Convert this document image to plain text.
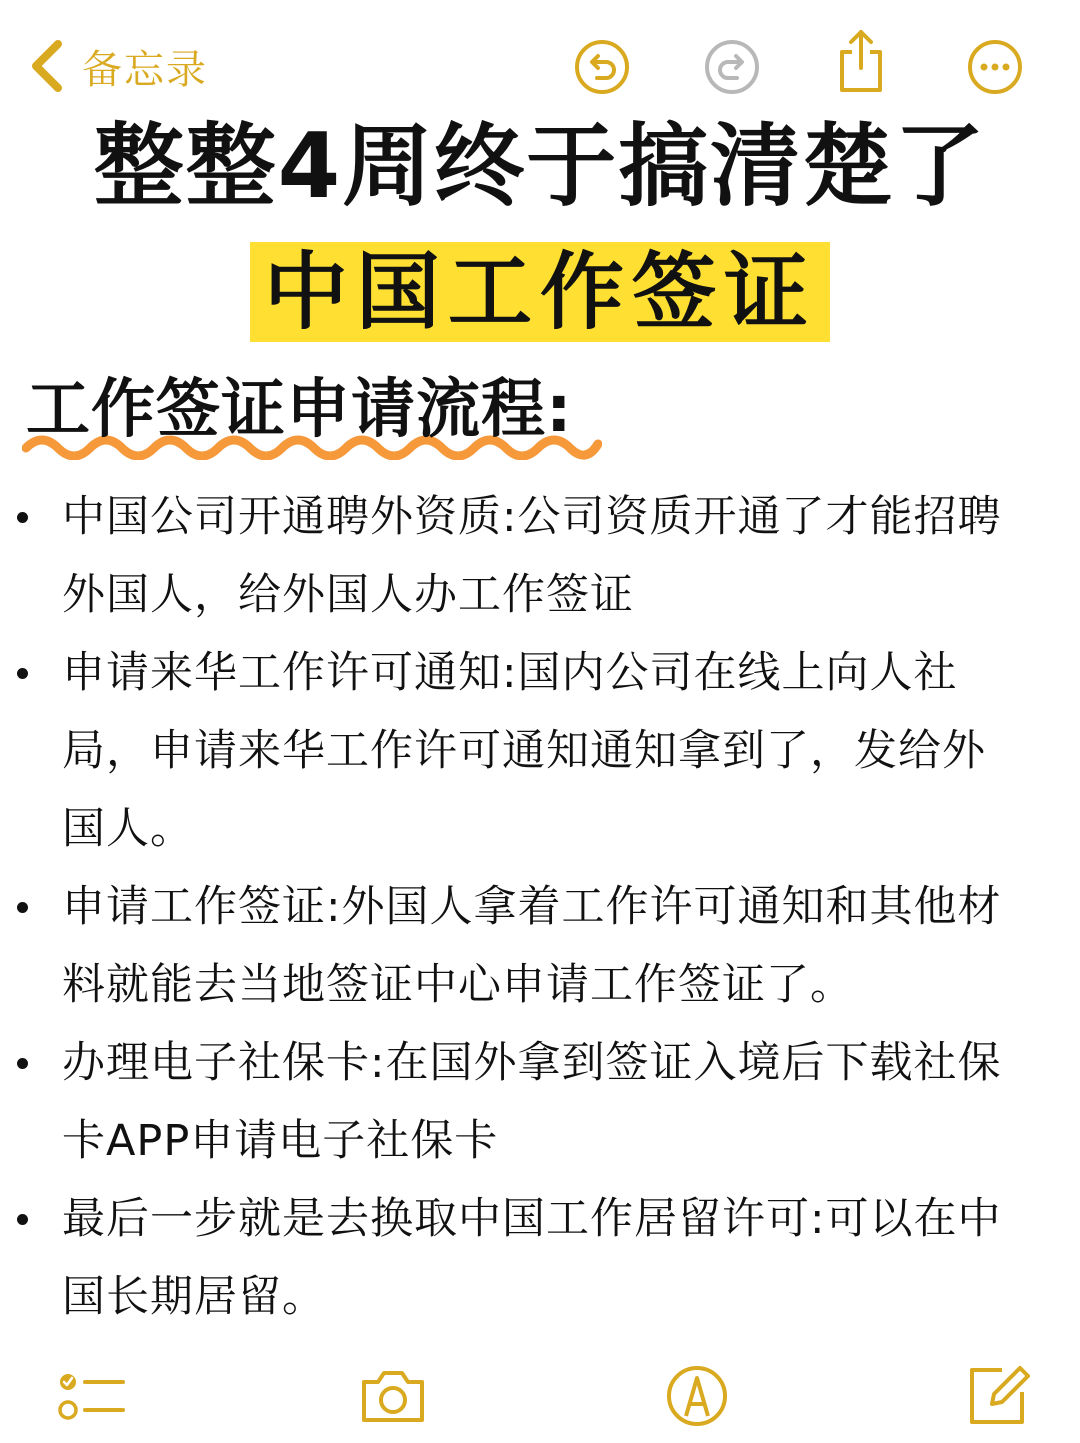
备忘录
整整4周终于搞清楚了
中国工作签证
工作签证申请流程:
中国公司开通聘外资质:公司资质开通了才能招聘外国人，给外国人办工作签证
申请来华工作许可通知:国内公司在线上向人社局，申请来华工作许可通知通知拿到了，发给外国人。
申请工作签证:外国人拿着工作许可通知和其他材料就能去当地签证中心申请工作签证了。
办理电子社保卡:在国外拿到签证入境后下载社保卡APP申请电子社保卡
最后一步就是去换取中国工作居留许可:可以在中国长期居留。
